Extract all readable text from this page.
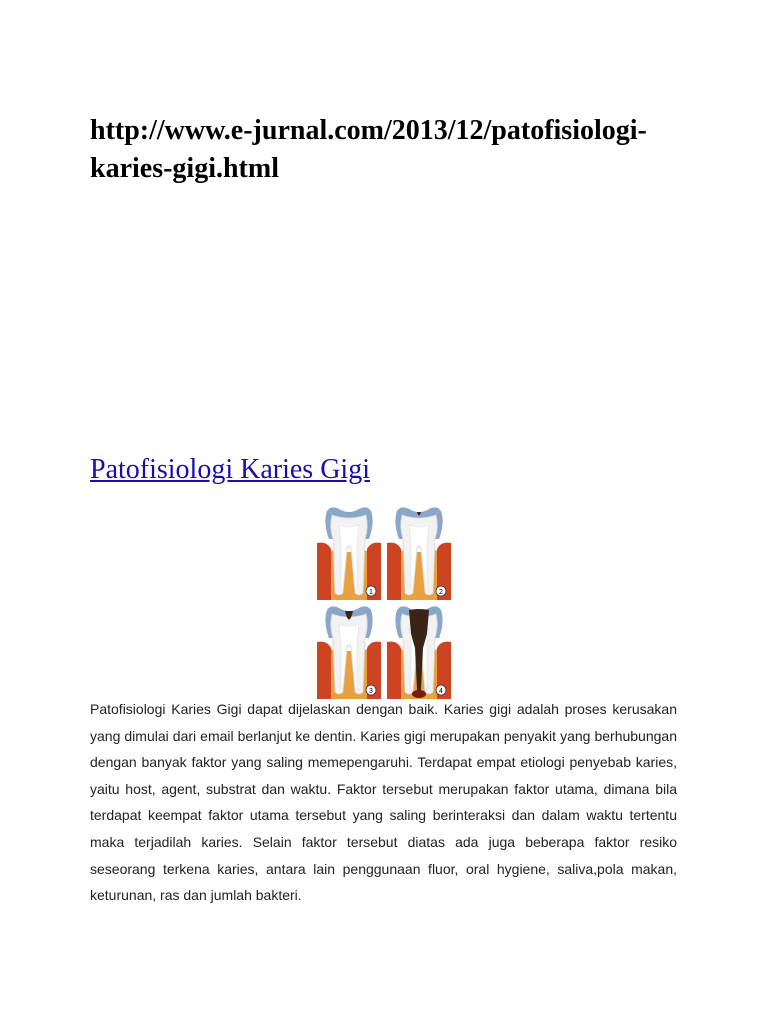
http://www.e-jurnal.com/2013/12/patofisiologi-karies-gigi.html
Patofisiologi Karies Gigi
1	2
3	4

Patofisiologi Karies Gigi dapat dijelaskan dengan baik. Karies gigi adalah proses kerusakan yang dimulai dari email berlanjut ke dentin. Karies gigi merupakan penyakit yang berhubungan dengan banyak faktor yang saling memepengaruhi. Terdapat empat etiologi penyebab karies, yaitu host, agent, substrat dan waktu. Faktor tersebut merupakan faktor utama, dimana bila terdapat keempat faktor utama tersebut yang saling berinteraksi dan dalam waktu tertentu maka terjadilah karies. Selain faktor tersebut diatas ada juga beberapa faktor resiko seseorang terkena karies, antara lain penggunaan fluor, oral hygiene, saliva,pola makan, keturunan, ras dan jumlah bakteri.
